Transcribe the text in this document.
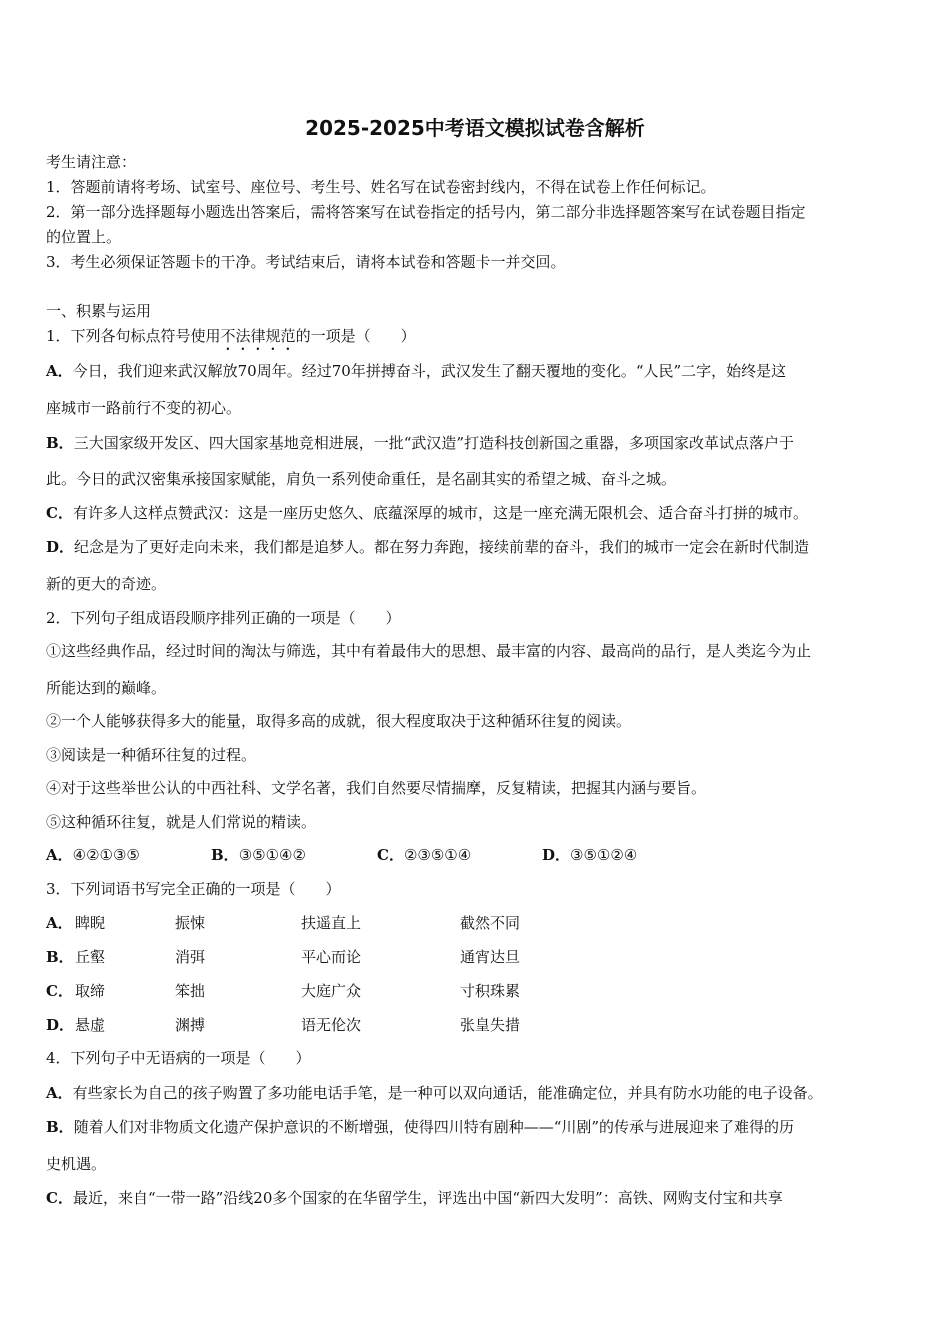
2025-2025中考语文模拟试卷含解析
考生请注意：
1．答题前请将考场、试室号、座位号、考生号、姓名写在试卷密封线内，不得在试卷上作任何标记。
2．第一部分选择题每小题选出答案后，需将答案写在试卷指定的括号内，第二部分非选择题答案写在试卷题目指定
的位置上。
3．考生必须保证答题卡的干净。考试结束后，请将本试卷和答题卡一并交回。
一、积累与运用
1．下列各句标点符号使用不法律规范的一项是（　　）
A．今日，我们迎来武汉解放70周年。经过70年拼搏奋斗，武汉发生了翻天覆地的变化。“人民”二字，始终是这
座城市一路前行不变的初心。
B．三大国家级开发区、四大国家基地竞相进展，一批“武汉造”打造科技创新国之重器，多项国家改革试点落户于
此。今日的武汉密集承接国家赋能，肩负一系列使命重任，是名副其实的希望之城、奋斗之城。
C．有许多人这样点赞武汉：这是一座历史悠久、底蕴深厚的城市，这是一座充满无限机会、适合奋斗打拼的城市。
D．纪念是为了更好走向未来，我们都是追梦人。都在努力奔跑，接续前辈的奋斗，我们的城市一定会在新时代制造
新的更大的奇迹。
2．下列句子组成语段顺序排列正确的一项是（　　）
①这些经典作品，经过时间的淘汰与筛选，其中有着最伟大的思想、最丰富的内容、最高尚的品行，是人类迄今为止
所能达到的巅峰。
②一个人能够获得多大的能量，取得多高的成就，很大程度取决于这种循环往复的阅读。
③阅读是一种循环往复的过程。
④对于这些举世公认的中西社科、文学名著，我们自然要尽情揣摩，反复精读，把握其内涵与要旨。
⑤这种循环往复，就是人们常说的精读。
A．④②①③⑤	B．③⑤①④②	C．②③⑤①④	D．③⑤①②④
3．下列词语书写完全正确的一项是（　　）
A． 睥睨	振悚	扶遥直上	截然不同
B． 丘壑	消弭	平心而论	通宵达旦
C． 取缔	笨拙	大庭广众	寸积珠累
D． 悬虚	渊搏	语无伦次	张皇失措
4．下列句子中无语病的一项是（　　）
A．有些家长为自己的孩子购置了多功能电话手笔，是一种可以双向通话，能准确定位，并具有防水功能的电子设备。
B．随着人们对非物质文化遗产保护意识的不断增强，使得四川特有剧种——“川剧”的传承与进展迎来了难得的历
史机遇。
C．最近，来自“一带一路”沿线20多个国家的在华留学生，评选出中国“新四大发明”：高铁、网购支付宝和共享
